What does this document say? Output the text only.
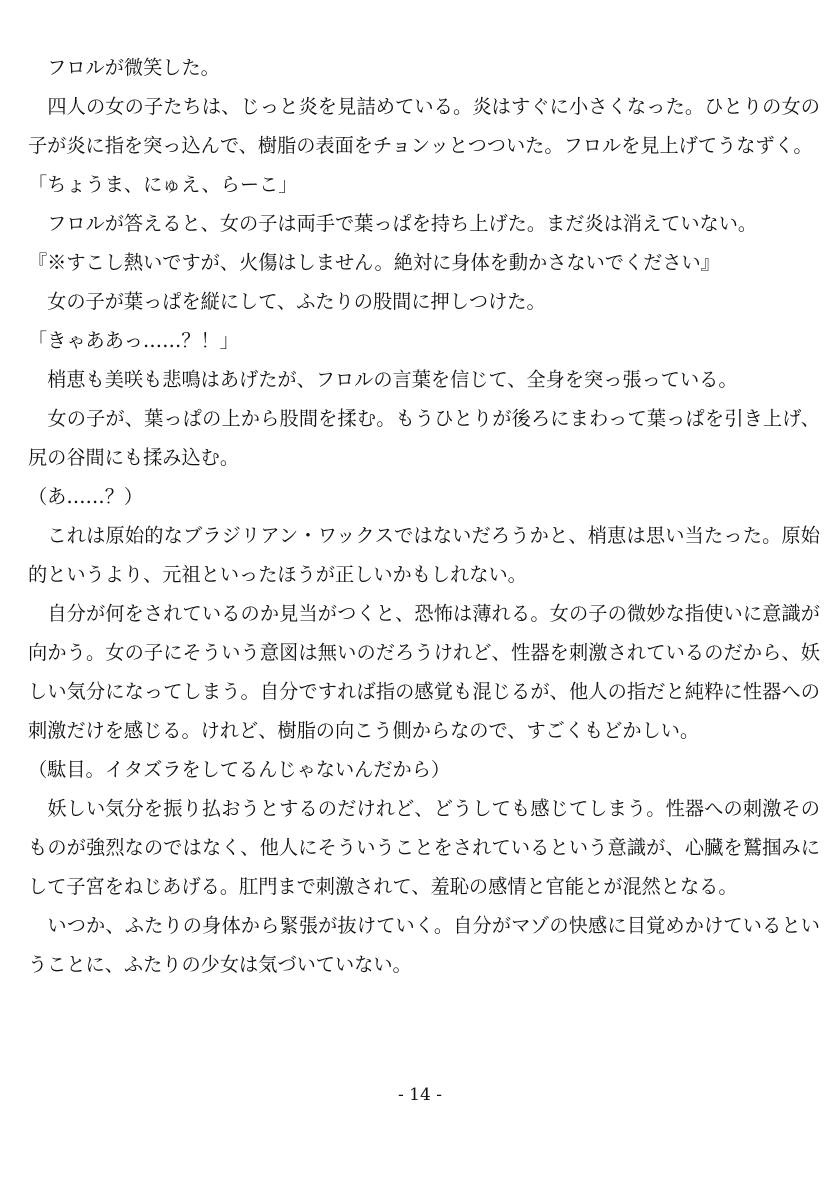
　フロルが微笑した。

　四人の女の子たちは、じっと炎を見詰めている。炎はすぐに小さくなった。ひとりの女の子が炎に指を突っ込んで、樹脂の表面をチョンッとつついた。フロルを見上げてうなずく。

「ちょうま、にゅえ、らーこ」

　フロルが答えると、女の子は両手で葉っぱを持ち上げた。まだ炎は消えていない。

『※すこし熱いですが、火傷はしません。絶対に身体を動かさないでください』

　女の子が葉っぱを縦にして、ふたりの股間に押しつけた。

「きゃああっ……？！」

　梢恵も美咲も悲鳴はあげたが、フロルの言葉を信じて、全身を突っ張っている。

　女の子が、葉っぱの上から股間を揉む。もうひとりが後ろにまわって葉っぱを引き上げ、尻の谷間にも揉み込む。

（あ……？）

　これは原始的なブラジリアン・ワックスではないだろうかと、梢恵は思い当たった。原始的というより、元祖といったほうが正しいかもしれない。

　自分が何をされているのか見当がつくと、恐怖は薄れる。女の子の微妙な指使いに意識が向かう。女の子にそういう意図は無いのだろうけれど、性器を刺激されているのだから、妖しい気分になってしまう。自分ですれば指の感覚も混じるが、他人の指だと純粋に性器への刺激だけを感じる。けれど、樹脂の向こう側からなので、すごくもどかしい。

（駄目。イタズラをしてるんじゃないんだから）

　妖しい気分を振り払おうとするのだけれど、どうしても感じてしまう。性器への刺激そのものが強烈なのではなく、他人にそういうことをされているという意識が、心臓を鷲掴みにして子宮をねじあげる。肛門まで刺激されて、羞恥の感情と官能とが混然となる。

　いつか、ふたりの身体から緊張が抜けていく。自分がマゾの快感に目覚めかけているということに、ふたりの少女は気づいていない。

- 14 -
